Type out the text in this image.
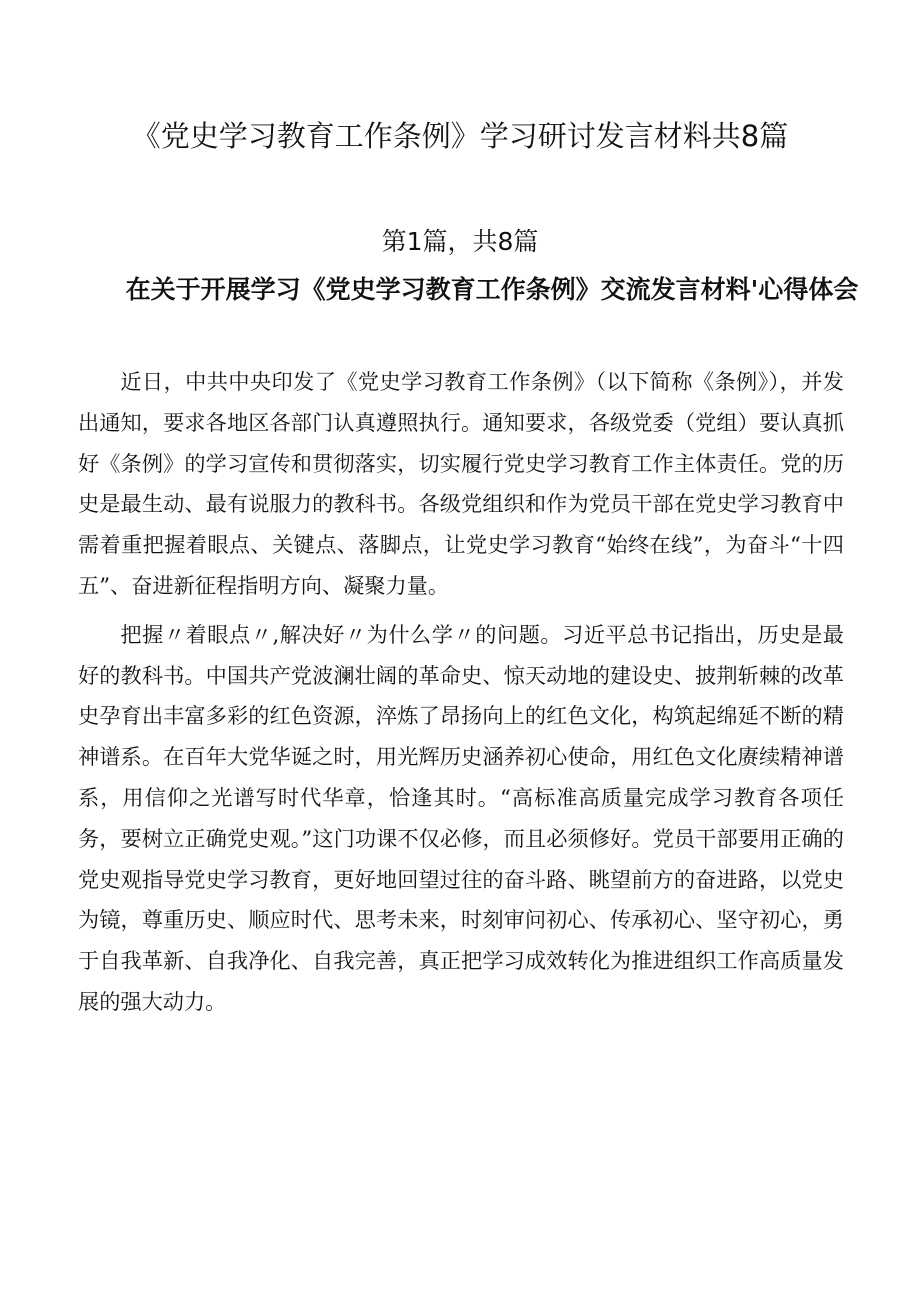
《党史学习教育工作条例》学习研讨发言材料共8篇
第1篇，共8篇
在关于开展学习《党史学习教育工作条例》交流发言材料'心得体会

近日，中共中央印发了《党史学习教育工作条例》（以下简称《条例》），并发出通知，要求各地区各部门认真遵照执行。通知要求，各级党委（党组）要认真抓好《条例》的学习宣传和贯彻落实，切实履行党史学习教育工作主体责任。党的历史是最生动、最有说服力的教科书。各级党组织和作为党员干部在党史学习教育中需着重把握着眼点、关键点、落脚点，让党史学习教育“始终在线”，为奋斗“十四五”、奋进新征程指明方向、凝聚力量。

把握〃着眼点〃,解决好〃为什么学〃的问题。习近平总书记指出，历史是最好的教科书。中国共产党波澜壮阔的革命史、惊天动地的建设史、披荆斩棘的改革史孕育出丰富多彩的红色资源，淬炼了昂扬向上的红色文化，构筑起绵延不断的精神谱系。在百年大党华诞之时，用光辉历史涵养初心使命，用红色文化赓续精神谱系，用信仰之光谱写时代华章，恰逢其时。“高标准高质量完成学习教育各项任务，要树立正确党史观。”这门功课不仅必修，而且必须修好。党员干部要用正确的党史观指导党史学习教育，更好地回望过往的奋斗路、眺望前方的奋进路，以党史为镜，尊重历史、顺应时代、思考未来，时刻审问初心、传承初心、坚守初心，勇于自我革新、自我净化、自我完善，真正把学习成效转化为推进组织工作高质量发展的强大动力。
